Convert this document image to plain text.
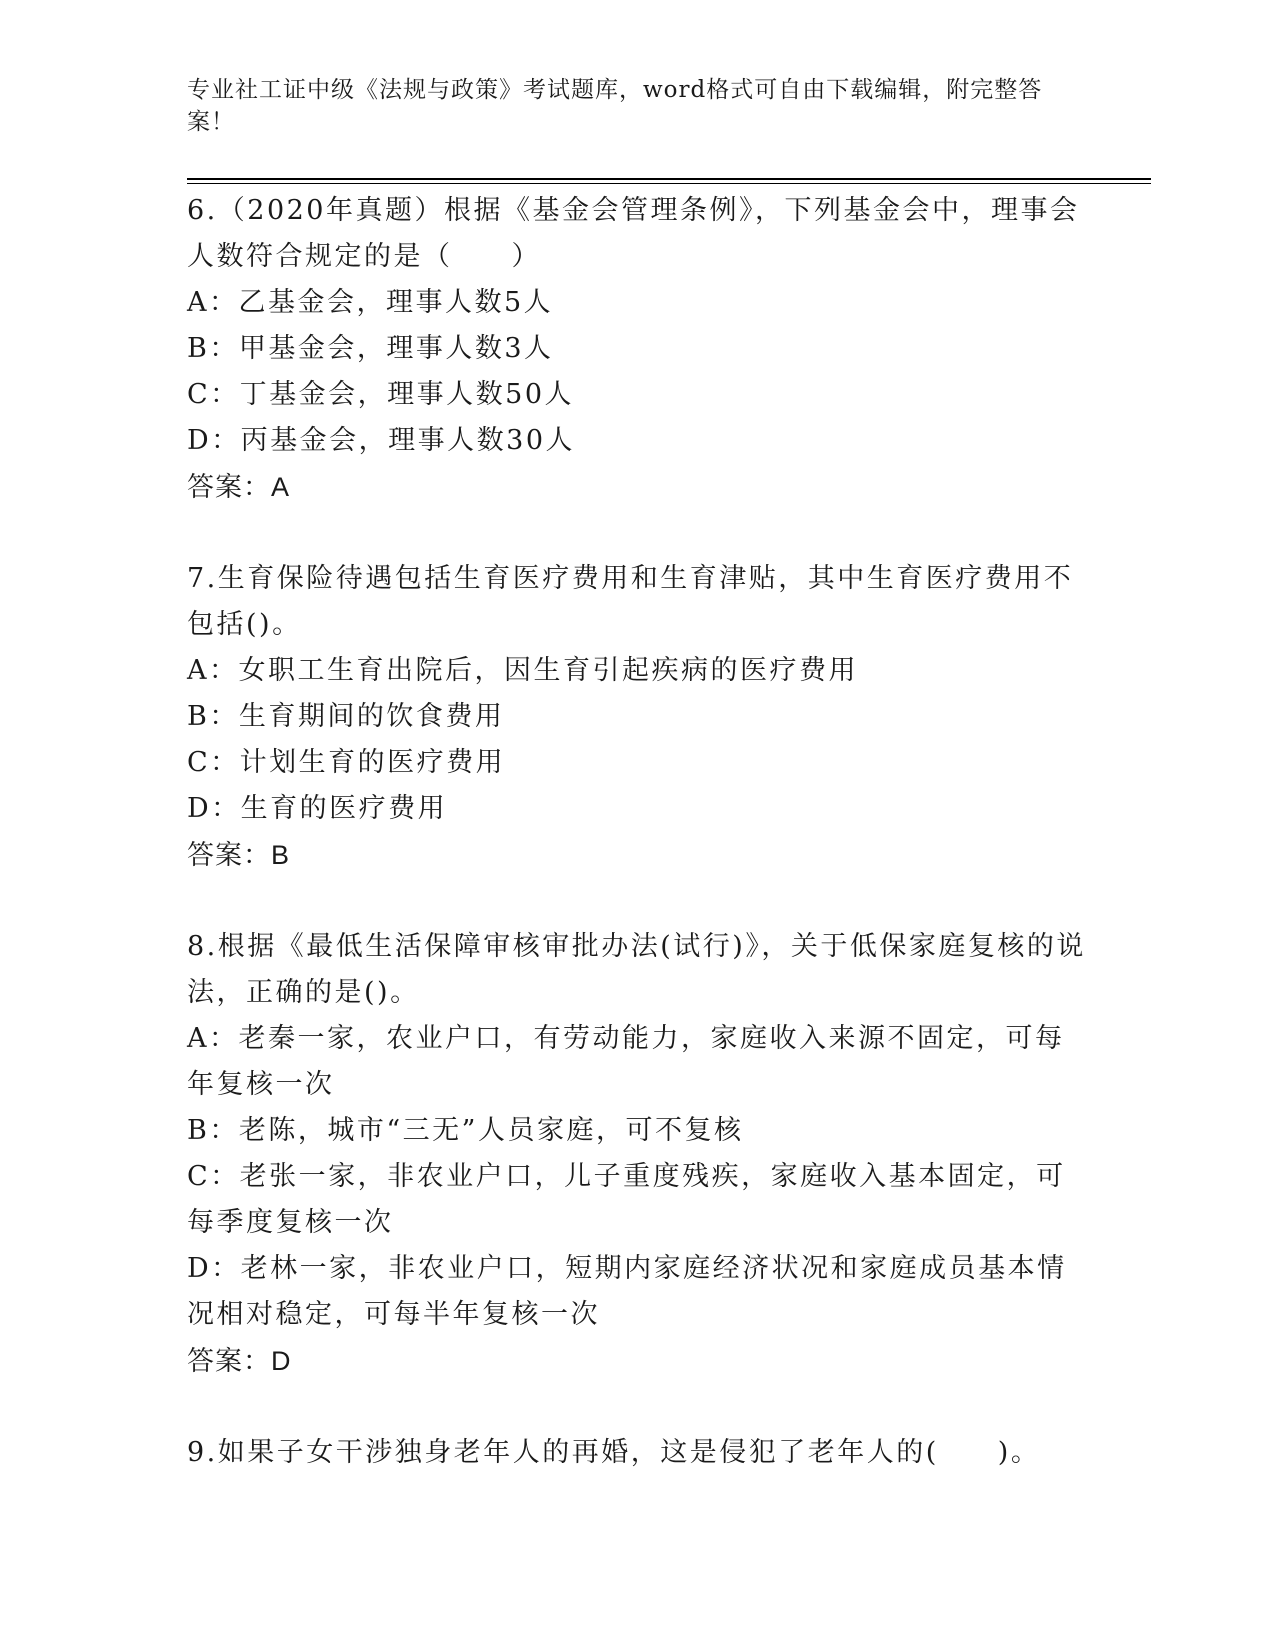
专业社工证中级《法规与政策》考试题库，word格式可自由下载编辑，附完整答案！

6.（2020年真题）根据《基金会管理条例》，下列基金会中，理事会人数符合规定的是（　　）

A：乙基金会，理事人数5人

B：甲基金会，理事人数3人

C：丁基金会，理事人数50人

D：丙基金会，理事人数30人

答案：A

7.生育保险待遇包括生育医疗费用和生育津贴，其中生育医疗费用不包括()。

A：女职工生育出院后，因生育引起疾病的医疗费用

B：生育期间的饮食费用

C：计划生育的医疗费用

D：生育的医疗费用

答案：B

8.根据《最低生活保障审核审批办法(试行)》，关于低保家庭复核的说法，正确的是()。

A：老秦一家，农业户口，有劳动能力，家庭收入来源不固定，可每年复核一次

B：老陈，城市“三无”人员家庭，可不复核

C：老张一家，非农业户口，儿子重度残疾，家庭收入基本固定，可每季度复核一次

D：老林一家，非农业户口，短期内家庭经济状况和家庭成员基本情况相对稳定，可每半年复核一次

答案：D

9.如果子女干涉独身老年人的再婚，这是侵犯了老年人的(　　)。
